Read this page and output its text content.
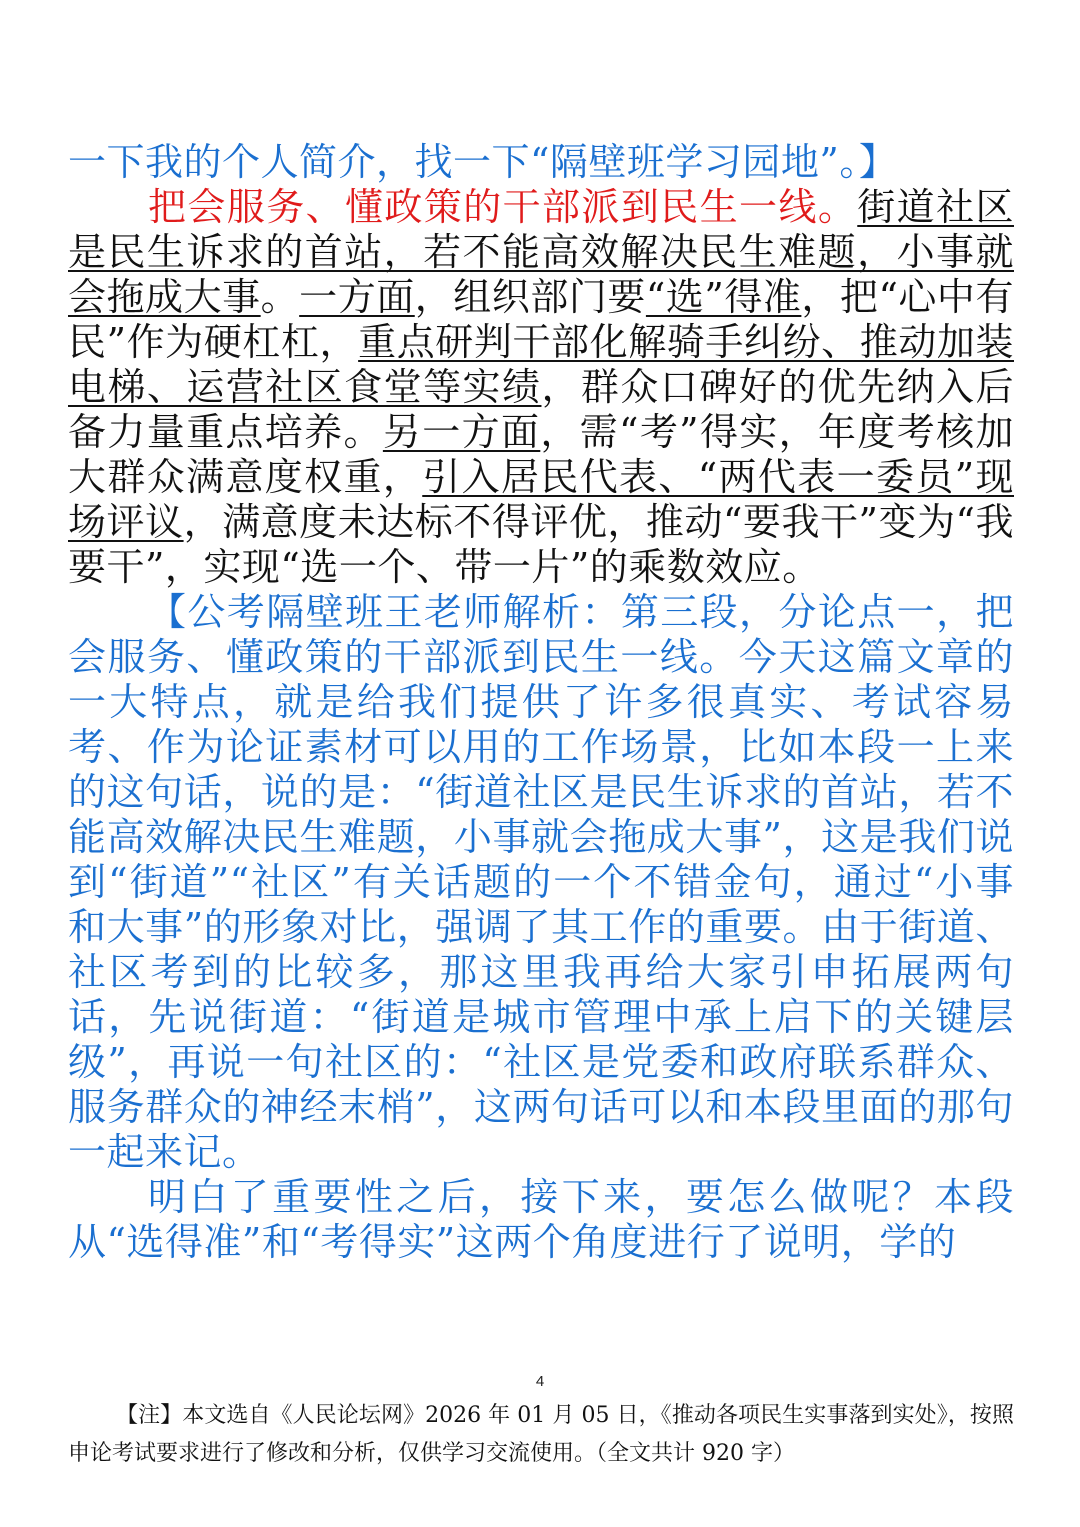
一下我的个人简介，找一下“隔壁班学习园地”。】

把会服务、懂政策的干部派到民生一线。街道社区是民生诉求的首站，若不能高效解决民生难题，小事就会拖成大事。一方面，组织部门要“选”得准，把“心中有民”作为硬杠杠，重点研判干部化解骑手纠纷、推动加装电梯、运营社区食堂等实绩，群众口碑好的优先纳入后备力量重点培养。另一方面，需“考”得实，年度考核加大群众满意度权重，引入居民代表、“两代表一委员”现场评议，满意度未达标不得评优，推动“要我干”变为“我要干”，实现“选一个、带一片”的乘数效应。

【公考隔壁班王老师解析：第三段，分论点一，把会服务、懂政策的干部派到民生一线。今天这篇文章的一大特点，就是给我们提供了许多很真实、考试容易考、作为论证素材可以用的工作场景，比如本段一上来的这句话，说的是：“街道社区是民生诉求的首站，若不能高效解决民生难题，小事就会拖成大事”，这是我们说到“街道”“社区”有关话题的一个不错金句，通过“小事和大事”的形象对比，强调了其工作的重要。由于街道、社区考到的比较多，那这里我再给大家引申拓展两句话，先说街道：“街道是城市管理中承上启下的关键层级”，再说一句社区的：“社区是党委和政府联系群众、服务群众的神经末梢”，这两句话可以和本段里面的那句一起来记。

明白了重要性之后，接下来，要怎么做呢？本段从“选得准”和“考得实”这两个角度进行了说明，学的

4
【注】本文选自《人民论坛网》2026 年 01 月 05 日，《推动各项民生实事落到实处》，按照申论考试要求进行了修改和分析，仅供学习交流使用。（全文共计 920 字）
